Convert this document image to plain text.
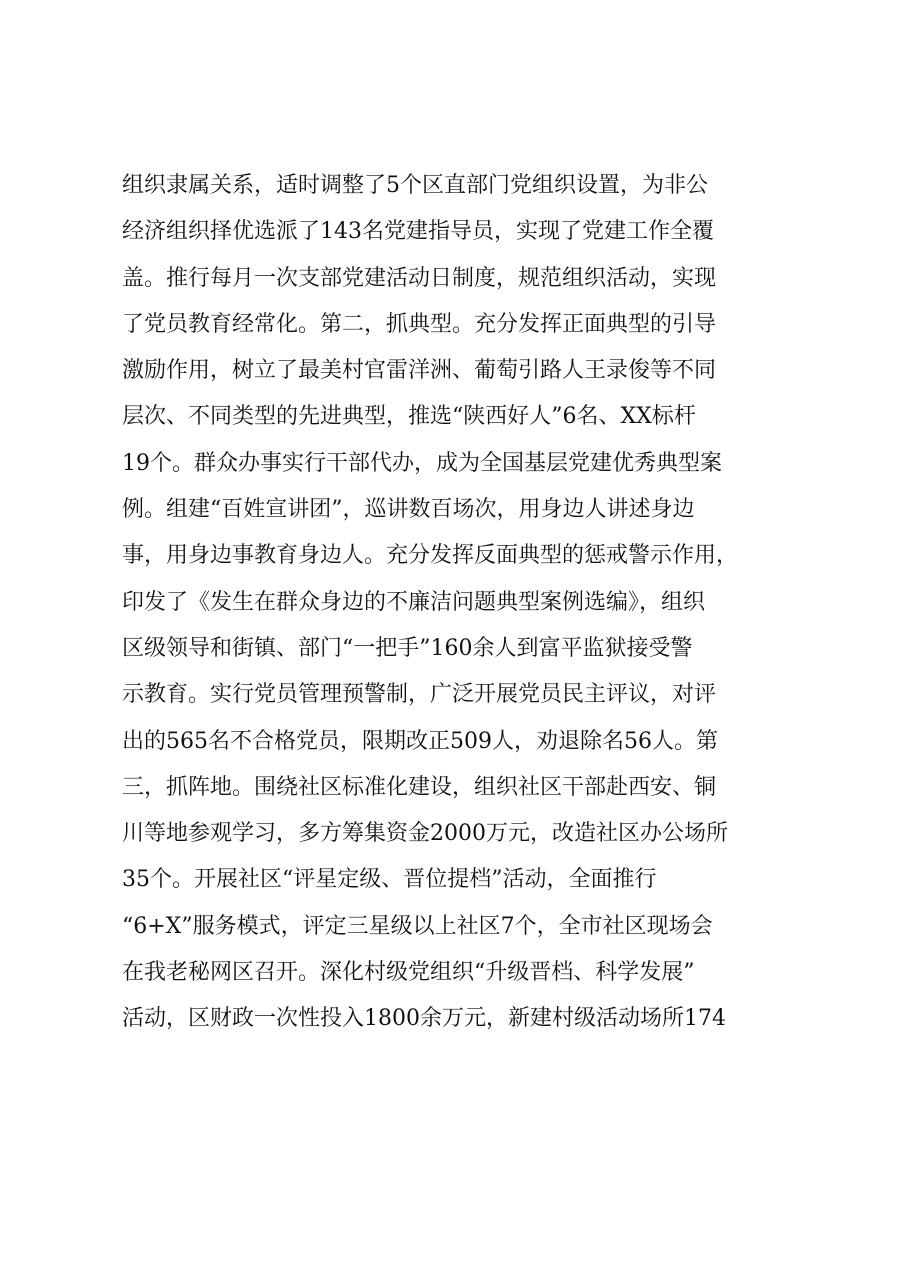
组织隶属关系，适时调整了5个区直部门党组织设置，为非公
经济组织择优选派了143名党建指导员，实现了党建工作全覆
盖。推行每月一次支部党建活动日制度，规范组织活动，实现
了党员教育经常化。第二，抓典型。充分发挥正面典型的引导
激励作用，树立了最美村官雷洋洲、葡萄引路人王录俊等不同
层次、不同类型的先进典型，推选“陕西好人”6名、XX标杆
19个。群众办事实行干部代办，成为全国基层党建优秀典型案
例。组建“百姓宣讲团”，巡讲数百场次，用身边人讲述身边
事，用身边事教育身边人。充分发挥反面典型的惩戒警示作用，
印发了《发生在群众身边的不廉洁问题典型案例选编》，组织
区级领导和街镇、部门“一把手”160余人到富平监狱接受警
示教育。实行党员管理预警制，广泛开展党员民主评议，对评
出的565名不合格党员，限期改正509人，劝退除名56人。第
三，抓阵地。围绕社区标准化建设，组织社区干部赴西安、铜
川等地参观学习，多方筹集资金2000万元，改造社区办公场所
35个。开展社区“评星定级、晋位提档”活动，全面推行
“6+X”服务模式，评定三星级以上社区7个，全市社区现场会
在我老秘网区召开。深化村级党组织“升级晋档、科学发展”
活动，区财政一次性投入1800余万元，新建村级活动场所174
